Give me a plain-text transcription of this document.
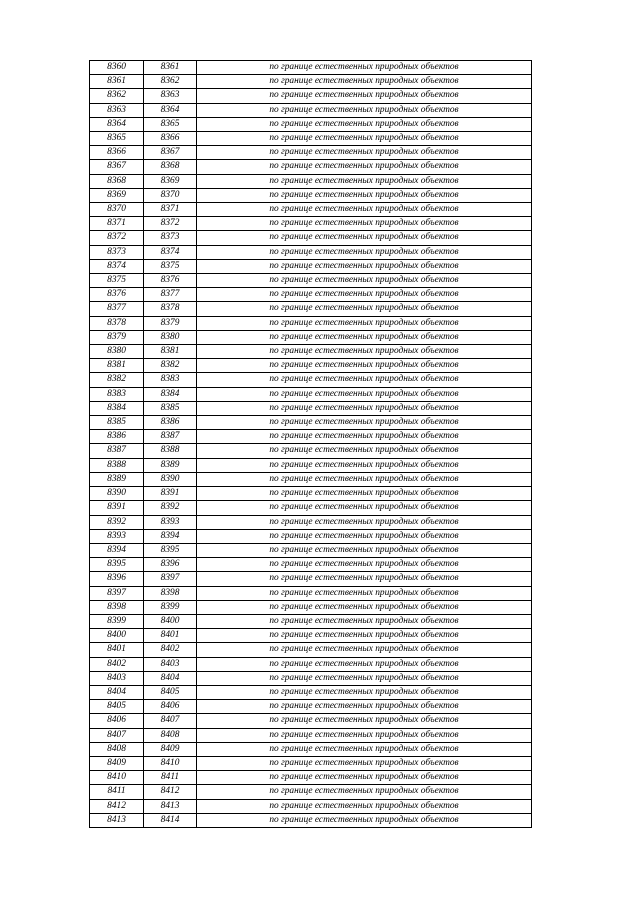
8360	8361	по границе естественных природных объектов
8361	8362	по границе естественных природных объектов
8362	8363	по границе естественных природных объектов
8363	8364	по границе естественных природных объектов
8364	8365	по границе естественных природных объектов
8365	8366	по границе естественных природных объектов
8366	8367	по границе естественных природных объектов
8367	8368	по границе естественных природных объектов
8368	8369	по границе естественных природных объектов
8369	8370	по границе естественных природных объектов
8370	8371	по границе естественных природных объектов
8371	8372	по границе естественных природных объектов
8372	8373	по границе естественных природных объектов
8373	8374	по границе естественных природных объектов
8374	8375	по границе естественных природных объектов
8375	8376	по границе естественных природных объектов
8376	8377	по границе естественных природных объектов
8377	8378	по границе естественных природных объектов
8378	8379	по границе естественных природных объектов
8379	8380	по границе естественных природных объектов
8380	8381	по границе естественных природных объектов
8381	8382	по границе естественных природных объектов
8382	8383	по границе естественных природных объектов
8383	8384	по границе естественных природных объектов
8384	8385	по границе естественных природных объектов
8385	8386	по границе естественных природных объектов
8386	8387	по границе естественных природных объектов
8387	8388	по границе естественных природных объектов
8388	8389	по границе естественных природных объектов
8389	8390	по границе естественных природных объектов
8390	8391	по границе естественных природных объектов
8391	8392	по границе естественных природных объектов
8392	8393	по границе естественных природных объектов
8393	8394	по границе естественных природных объектов
8394	8395	по границе естественных природных объектов
8395	8396	по границе естественных природных объектов
8396	8397	по границе естественных природных объектов
8397	8398	по границе естественных природных объектов
8398	8399	по границе естественных природных объектов
8399	8400	по границе естественных природных объектов
8400	8401	по границе естественных природных объектов
8401	8402	по границе естественных природных объектов
8402	8403	по границе естественных природных объектов
8403	8404	по границе естественных природных объектов
8404	8405	по границе естественных природных объектов
8405	8406	по границе естественных природных объектов
8406	8407	по границе естественных природных объектов
8407	8408	по границе естественных природных объектов
8408	8409	по границе естественных природных объектов
8409	8410	по границе естественных природных объектов
8410	8411	по границе естественных природных объектов
8411	8412	по границе естественных природных объектов
8412	8413	по границе естественных природных объектов
8413	8414	по границе естественных природных объектов
